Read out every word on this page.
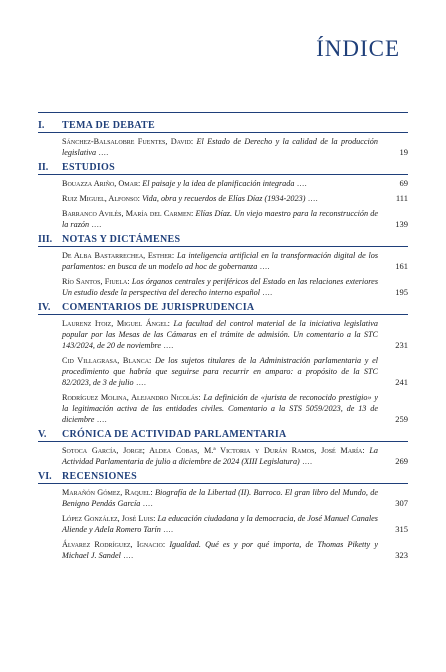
ÍNDICE
I.	TEMA DE DEBATE
Sánchez-Balsalobre Fuentes, David: El Estado de Derecho y la calidad de la producción legislativa ....	19
II.	ESTUDIOS
Bouazza Ariño, Omar: El paisaje y la idea de planificación integrada ....	69
Ruiz Miguel, Alfonso: Vida, obra y recuerdos de Elías Díaz (1934-2023) ....	111
Barranco Avilés, María del Carmen: Elías Díaz. Un viejo maestro para la reconstrucción de la razón ....	139
III. NOTAS Y DICTÁMENES
De Alba Bastarrechea, Esther: La inteligencia artificial en la transformación digital de los parlamentos: en busca de un modelo ad hoc de gobernanza ....	161
Río Santos, Fiuela: Los órganos centrales y periféricos del Estado en las relaciones exteriores Un estudio desde la perspectiva del derecho interno español ....	195
IV.	COMENTARIOS DE JURISPRUDENCIA
Laurenz Itoiz, Miguel Ángel: La facultad del control material de la iniciativa legislativa popular por las Mesas de las Cámaras en el trámite de admisión. Un comentario a la STC 143/2024, de 20 de noviembre ....	231
Cid Villagrasa, Blanca: De los sujetos titulares de la Administración parlamentaria y el procedimiento que habría que seguirse para recurrir en amparo: a propósito de la STC 82/2023, de 3 de julio ....	241
Rodríguez Molina, Alejandro Nicolás: La definición de «jurista de reconocido prestigio» y la legitimación activa de las entidades civiles. Comentario a la STS 5059/2023, de 13 de diciembre ....	259
V.	CRÓNICA DE ACTIVIDAD PARLAMENTARIA
Sotoca García, Jorge; Aldea Cobas, M.ª Victoria y Durán Ramos, José María: La Actividad Parlamentaria de julio a diciembre de 2024 (XIII Legislatura) ....	269
VI.	RECENSIONES
Marañón Gómez, Raquel: Biografía de la Libertad (II). Barroco. El gran libro del Mundo, de Benigno Pendás García ....	307
López González, José Luis: La educación ciudadana y la democracia, de José Manuel Canales Aliende y Adela Romero Tarín ....	315
Álvarez Rodríguez, Ignacio: Igualdad. Qué es y por qué importa, de Thomas Piketty y Michael J. Sandel ....	323
